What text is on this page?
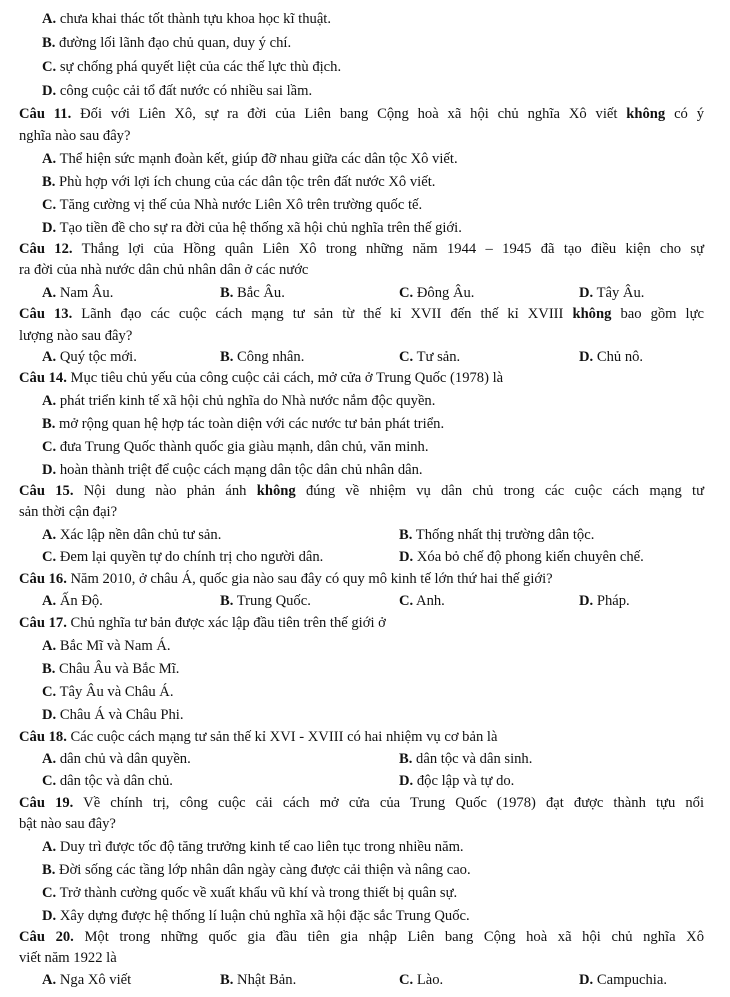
A. chưa khai thác tốt thành tựu khoa học kĩ thuật.
B. đường lối lãnh đạo chủ quan, duy ý chí.
C. sự chống phá quyết liệt của các thế lực thù địch.
D. công cuộc cải tổ đất nước có nhiều sai lầm.
Câu 11. Đối với Liên Xô, sự ra đời của Liên bang Cộng hoà xã hội chủ nghĩa Xô viết không có ý
nghĩa nào sau đây?
A. Thể hiện sức mạnh đoàn kết, giúp đỡ nhau giữa các dân tộc Xô viết.
B. Phù hợp với lợi ích chung của các dân tộc trên đất nước Xô viết.
C. Tăng cường vị thế của Nhà nước Liên Xô trên trường quốc tế.
D. Tạo tiền đề cho sự ra đời của hệ thống xã hội chủ nghĩa trên thế giới.
Câu 12. Thắng lợi của Hồng quân Liên Xô trong những năm 1944 – 1945 đã tạo điều kiện cho sự
ra đời của nhà nước dân chủ nhân dân ở các nước
A. Nam Âu.	B. Bắc Âu.	C. Đông Âu.	D. Tây Âu.
Câu 13. Lãnh đạo các cuộc cách mạng tư sản từ thế kỉ XVII đến thế kỉ XVIII không bao gồm lực
lượng nào sau đây?
A. Quý tộc mới.	B. Công nhân.	C. Tư sản.	D. Chủ nô.
Câu 14. Mục tiêu chủ yếu của công cuộc cải cách, mở cửa ở Trung Quốc (1978) là
A. phát triển kinh tế xã hội chủ nghĩa do Nhà nước nắm độc quyền.
B. mở rộng quan hệ hợp tác toàn diện với các nước tư bản phát triển.
C. đưa Trung Quốc thành quốc gia giàu mạnh, dân chủ, văn minh.
D. hoàn thành triệt để cuộc cách mạng dân tộc dân chủ nhân dân.
Câu 15. Nội dung nào phản ánh không đúng về nhiệm vụ dân chủ trong các cuộc cách mạng tư
sản thời cận đại?
A. Xác lập nền dân chủ tư sản.	B. Thống nhất thị trường dân tộc.
C. Đem lại quyền tự do chính trị cho người dân.	D. Xóa bỏ chế độ phong kiến chuyên chế.
Câu 16. Năm 2010, ở châu Á, quốc gia nào sau đây có quy mô kinh tế lớn thứ hai thế giới?
A. Ấn Độ.	B. Trung Quốc.	C. Anh.	D. Pháp.
Câu 17. Chủ nghĩa tư bản được xác lập đầu tiên trên thế giới ở
A. Bắc Mĩ và Nam Á.
B. Châu Âu và Bắc Mĩ.
C. Tây Âu và Châu Á.
D. Châu Á và Châu Phi.
Câu 18. Các cuộc cách mạng tư sản thế kỉ XVI - XVIII có hai nhiệm vụ cơ bản là
A. dân chủ và dân quyền.	B. dân tộc và dân sinh.
C. dân tộc và dân chủ.	D. độc lập và tự do.
Câu 19. Về chính trị, công cuộc cải cách mở cửa của Trung Quốc (1978) đạt được thành tựu nổi
bật nào sau đây?
A. Duy trì được tốc độ tăng trưởng kinh tế cao liên tục trong nhiều năm.
B. Đời sống các tầng lớp nhân dân ngày càng được cải thiện và nâng cao.
C. Trở thành cường quốc về xuất khẩu vũ khí và trong thiết bị quân sự.
D. Xây dựng được hệ thống lí luận chủ nghĩa xã hội đặc sắc Trung Quốc.
Câu 20. Một trong những quốc gia đầu tiên gia nhập Liên bang Cộng hoà xã hội chủ nghĩa Xô
viết năm 1922 là
A. Nga Xô viết	B. Nhật Bản.	C. Lào.	D. Campuchia.
